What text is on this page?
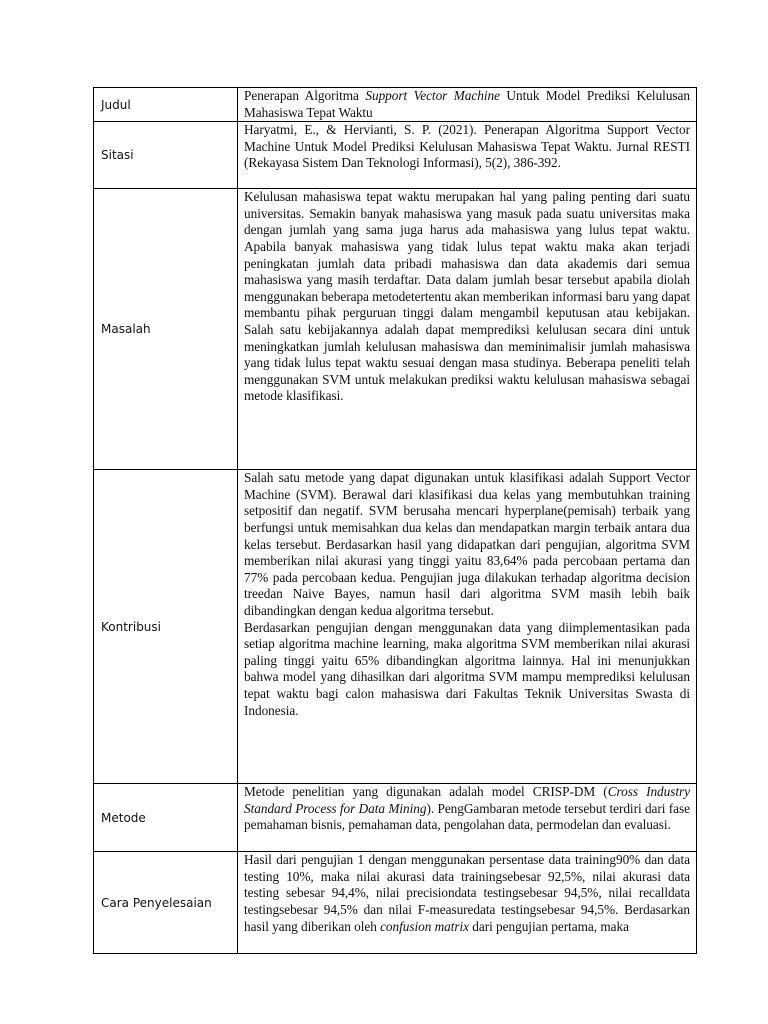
Judul	Penerapan Algoritma Support Vector Machine Untuk Model Prediksi Kelulusan Mahasiswa Tepat Waktu

Sitasi	Haryatmi, E., & Hervianti, S. P. (2021). Penerapan Algoritma Support Vector Machine Untuk Model Prediksi Kelulusan Mahasiswa Tepat Waktu. Jurnal RESTI (Rekayasa Sistem Dan Teknologi Informasi), 5(2), 386-392.

Masalah	Kelulusan mahasiswa tepat waktu merupakan hal yang paling penting dari suatu universitas. Semakin banyak mahasiswa yang masuk pada suatu universitas maka dengan jumlah yang sama juga harus ada mahasiswa yang lulus tepat waktu. Apabila banyak mahasiswa yang tidak lulus tepat waktu maka akan terjadi peningkatan jumlah data pribadi mahasiswa dan data akademis dari semua mahasiswa yang masih terdaftar. Data dalam jumlah besar tersebut apabila diolah menggunakan beberapa metodetertentu akan memberikan informasi baru yang dapat membantu pihak perguruan tinggi dalam mengambil keputusan atau kebijakan. Salah satu kebijakannya adalah dapat memprediksi kelulusan secara dini untuk meningkatkan jumlah kelulusan mahasiswa dan meminimalisir jumlah mahasiswa yang tidak lulus tepat waktu sesuai dengan masa studinya. Beberapa peneliti telah menggunakan SVM untuk melakukan prediksi waktu kelulusan mahasiswa sebagai metode klasifikasi.

Kontribusi	Salah satu metode yang dapat digunakan untuk klasifikasi adalah Support Vector Machine (SVM). Berawal dari klasifikasi dua kelas yang membutuhkan training setpositif dan negatif. SVM berusaha mencari hyperplane(pemisah) terbaik yang berfungsi untuk memisahkan dua kelas dan mendapatkan margin terbaik antara dua kelas tersebut. Berdasarkan hasil yang didapatkan dari pengujian, algoritma SVM memberikan nilai akurasi yang tinggi yaitu 83,64% pada percobaan pertama dan 77% pada percobaan kedua. Pengujian juga dilakukan terhadap algoritma decision treedan Naive Bayes, namun hasil dari algoritma SVM masih lebih baik dibandingkan dengan kedua algoritma tersebut.

Berdasarkan pengujian dengan menggunakan data yang diimplementasikan pada setiap algoritma machine learning, maka algoritma SVM memberikan nilai akurasi paling tinggi yaitu 65% dibandingkan algoritma lainnya. Hal ini menunjukkan bahwa model yang dihasilkan dari algoritma SVM mampu memprediksi kelulusan tepat waktu bagi calon mahasiswa dari Fakultas Teknik Universitas Swasta di Indonesia.

Metode	Metode penelitian yang digunakan adalah model CRISP-DM (Cross Industry Standard Process for Data Mining). PengGambaran metode tersebut terdiri dari fase pemahaman bisnis, pemahaman data, pengolahan data, permodelan dan evaluasi.

Cara Penyelesaian	Hasil dari pengujian 1 dengan menggunakan persentase data training90% dan data testing 10%, maka nilai akurasi data trainingsebesar 92,5%, nilai akurasi data testing sebesar 94,4%, nilai precisiondata testingsebesar 94,5%, nilai recalldata testingsebesar 94,5% dan nilai F-measuredata testingsebesar 94,5%. Berdasarkan hasil yang diberikan oleh confusion matrix dari pengujian pertama, maka
